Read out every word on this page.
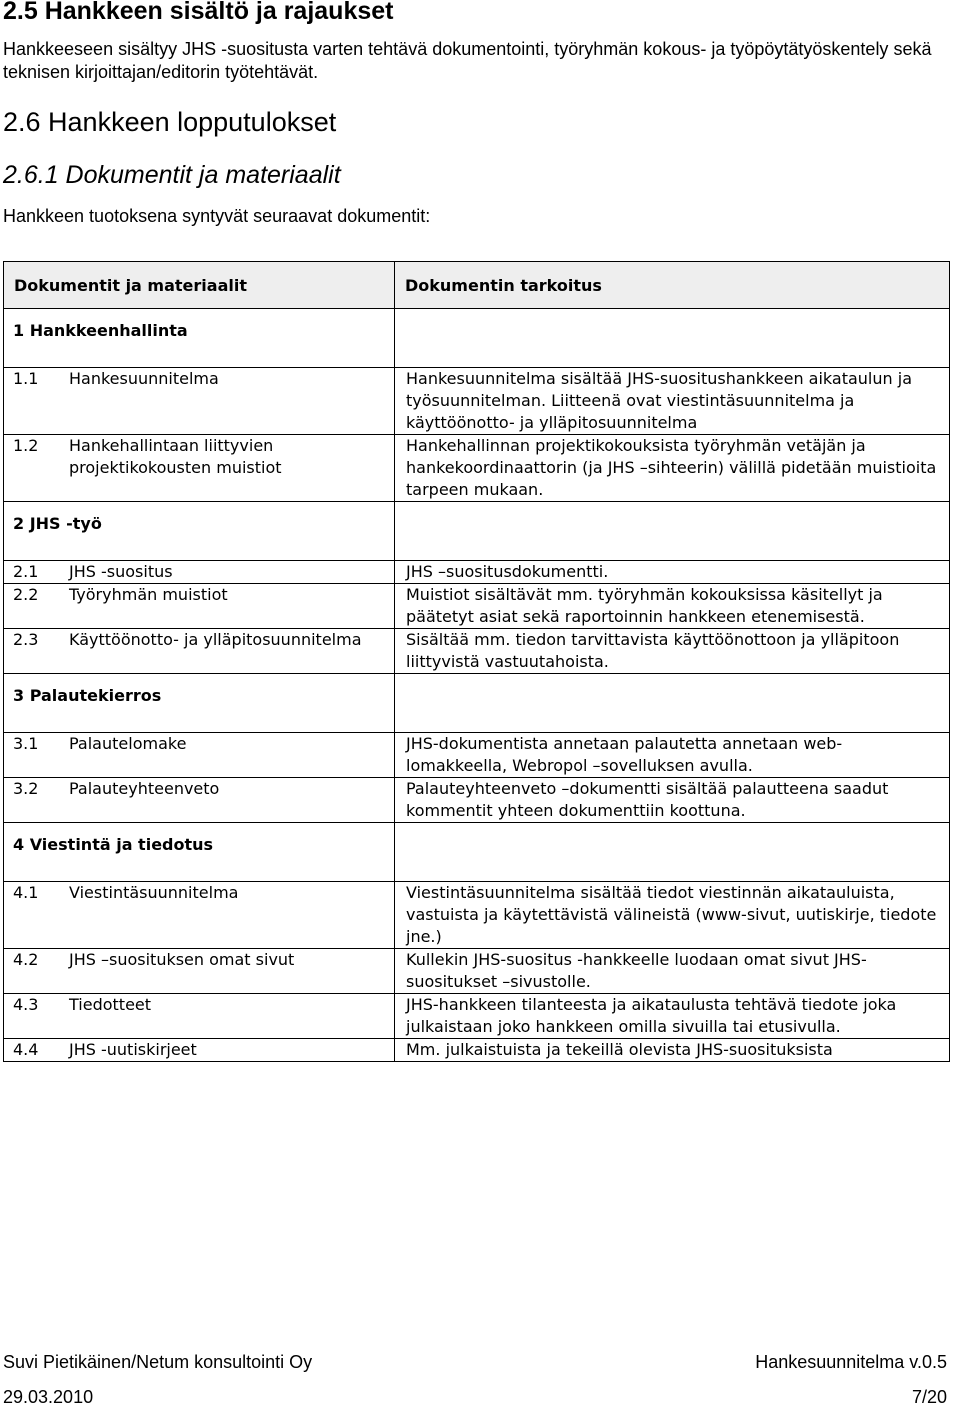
2.5 Hankkeen sisältö ja rajaukset

Hankkeeseen sisältyy JHS -suositusta varten tehtävä dokumentointi, työryhmän kokous- ja työpöytätyöskentely sekä teknisen kirjoittajan/editorin työtehtävät.

2.6 Hankkeen lopputulokset
2.6.1 Dokumentit ja materiaalit

Hankkeen tuotoksena syntyvät seuraavat dokumentit:

Dokumentit ja materiaalit	Dokumentin tarkoitus
1 Hankkeenhallinta	
1.1 Hankesuunnitelma	Hankesuunnitelma sisältää JHS-suositushankkeen aikataulun ja työsuunnitelman. Liitteenä ovat viestintäsuunnitelma ja käyttöönotto- ja ylläpitosuunnitelma
1.2 Hankehallintaan liittyvien projektikokousten muistiot	Hankehallinnan projektikokouksista työryhmän vetäjän ja hankekoordinaattorin (ja JHS –sihteerin) välillä pidetään muistioita tarpeen mukaan.
2 JHS -työ	
2.1 JHS -suositus	JHS –suositusdokumentti.
2.2 Työryhmän muistiot	Muistiot sisältävät mm. työryhmän kokouksissa käsitellyt ja päätetyt asiat sekä raportoinnin hankkeen etenemisestä.
2.3 Käyttöönotto- ja ylläpitosuunnitelma	Sisältää mm. tiedon tarvittavista käyttöönottoon ja ylläpitoon liittyvistä vastuutahoista.
3 Palautekierros	
3.1 Palautelomake	JHS-dokumentista annetaan palautetta annetaan web-lomakkeella, Webropol –sovelluksen avulla.
3.2 Palauteyhteenveto	Palauteyhteenveto –dokumentti sisältää palautteena saadut kommentit yhteen dokumenttiin koottuna.
4 Viestintä ja tiedotus	
4.1 Viestintäsuunnitelma	Viestintäsuunnitelma sisältää tiedot viestinnän aikatauluista, vastuista ja käytettävistä välineistä (www-sivut, uutiskirje, tiedote jne.)
4.2 JHS –suosituksen omat sivut	Kullekin JHS-suositus -hankkeelle luodaan omat sivut JHS-suositukset –sivustolle.
4.3 Tiedotteet	JHS-hankkeen tilanteesta ja aikataulusta tehtävä tiedote joka julkaistaan joko hankkeen omilla sivuilla tai etusivulla.
4.4 JHS -uutiskirjeet	Mm. julkaistuista ja tekeillä olevista JHS-suosituksista
Suvi Pietikäinen/Netum konsultointi Oy	Hankesuunnitelma v.0.5
29.03.2010	7/20
